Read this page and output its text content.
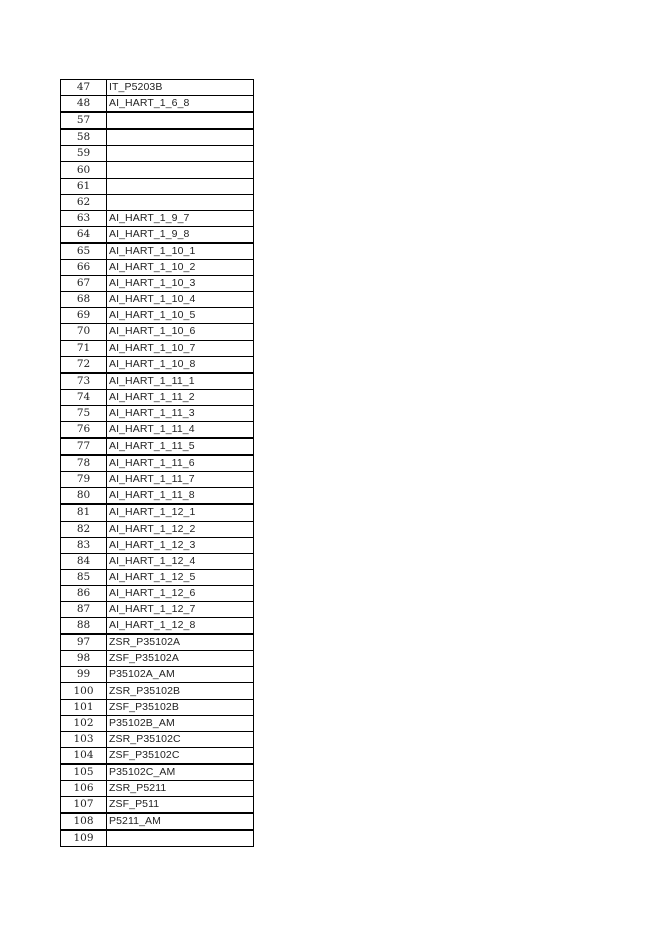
47	IT_P5203B
48	AI_HART_1_6_8
57	
58	
59	
60	
61	
62	
63	AI_HART_1_9_7
64	AI_HART_1_9_8
65	AI_HART_1_10_1
66	AI_HART_1_10_2
67	AI_HART_1_10_3
68	AI_HART_1_10_4
69	AI_HART_1_10_5
70	AI_HART_1_10_6
71	AI_HART_1_10_7
72	AI_HART_1_10_8
73	AI_HART_1_11_1
74	AI_HART_1_11_2
75	AI_HART_1_11_3
76	AI_HART_1_11_4
77	AI_HART_1_11_5
78	AI_HART_1_11_6
79	AI_HART_1_11_7
80	AI_HART_1_11_8
81	AI_HART_1_12_1
82	AI_HART_1_12_2
83	AI_HART_1_12_3
84	AI_HART_1_12_4
85	AI_HART_1_12_5
86	AI_HART_1_12_6
87	AI_HART_1_12_7
88	AI_HART_1_12_8
97	ZSR_P35102A
98	ZSF_P35102A
99	P35102A_AM
100	ZSR_P35102B
101	ZSF_P35102B
102	P35102B_AM
103	ZSR_P35102C
104	ZSF_P35102C
105	P35102C_AM
106	ZSR_P5211
107	ZSF_P511
108	P5211_AM
109	
